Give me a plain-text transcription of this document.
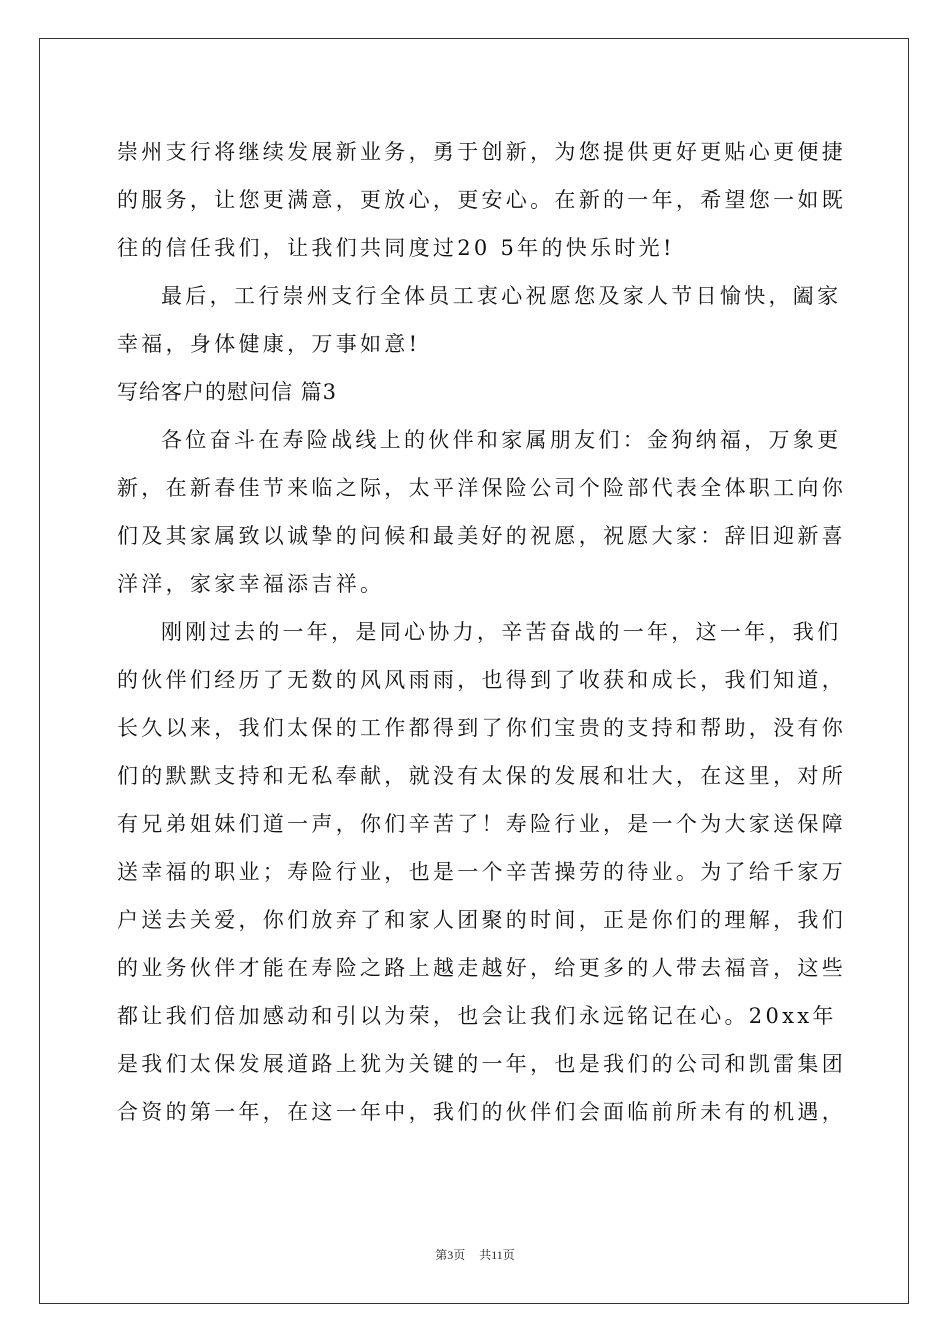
崇州支行将继续发展新业务，勇于创新，为您提供更好更贴心更便捷
的服务，让您更满意，更放心，更安心。在新的一年，希望您一如既
往的信任我们，让我们共同度过20 5年的快乐时光!

最后，工行崇州支行全体员工衷心祝愿您及家人节日愉快，阖家
幸福，身体健康，万事如意!

写给客户的慰问信 篇3

各位奋斗在寿险战线上的伙伴和家属朋友们：金狗纳福，万象更
新，在新春佳节来临之际，太平洋保险公司个险部代表全体职工向你
们及其家属致以诚挚的问候和最美好的祝愿，祝愿大家：辞旧迎新喜
洋洋，家家幸福添吉祥。

刚刚过去的一年，是同心协力，辛苦奋战的一年，这一年，我们
的伙伴们经历了无数的风风雨雨，也得到了收获和成长，我们知道，
长久以来，我们太保的工作都得到了你们宝贵的支持和帮助，没有你
们的默默支持和无私奉献，就没有太保的发展和壮大，在这里，对所
有兄弟姐妹们道一声，你们辛苦了！寿险行业，是一个为大家送保障
送幸福的职业；寿险行业，也是一个辛苦操劳的待业。为了给千家万
户送去关爱，你们放弃了和家人团聚的时间，正是你们的理解，我们
的业务伙伴才能在寿险之路上越走越好，给更多的人带去福音，这些
都让我们倍加感动和引以为荣，也会让我们永远铭记在心。20xx年
是我们太保发展道路上犹为关键的一年，也是我们的公司和凯雷集团
合资的第一年，在这一年中，我们的伙伴们会面临前所未有的机遇，

第3页 共11页
